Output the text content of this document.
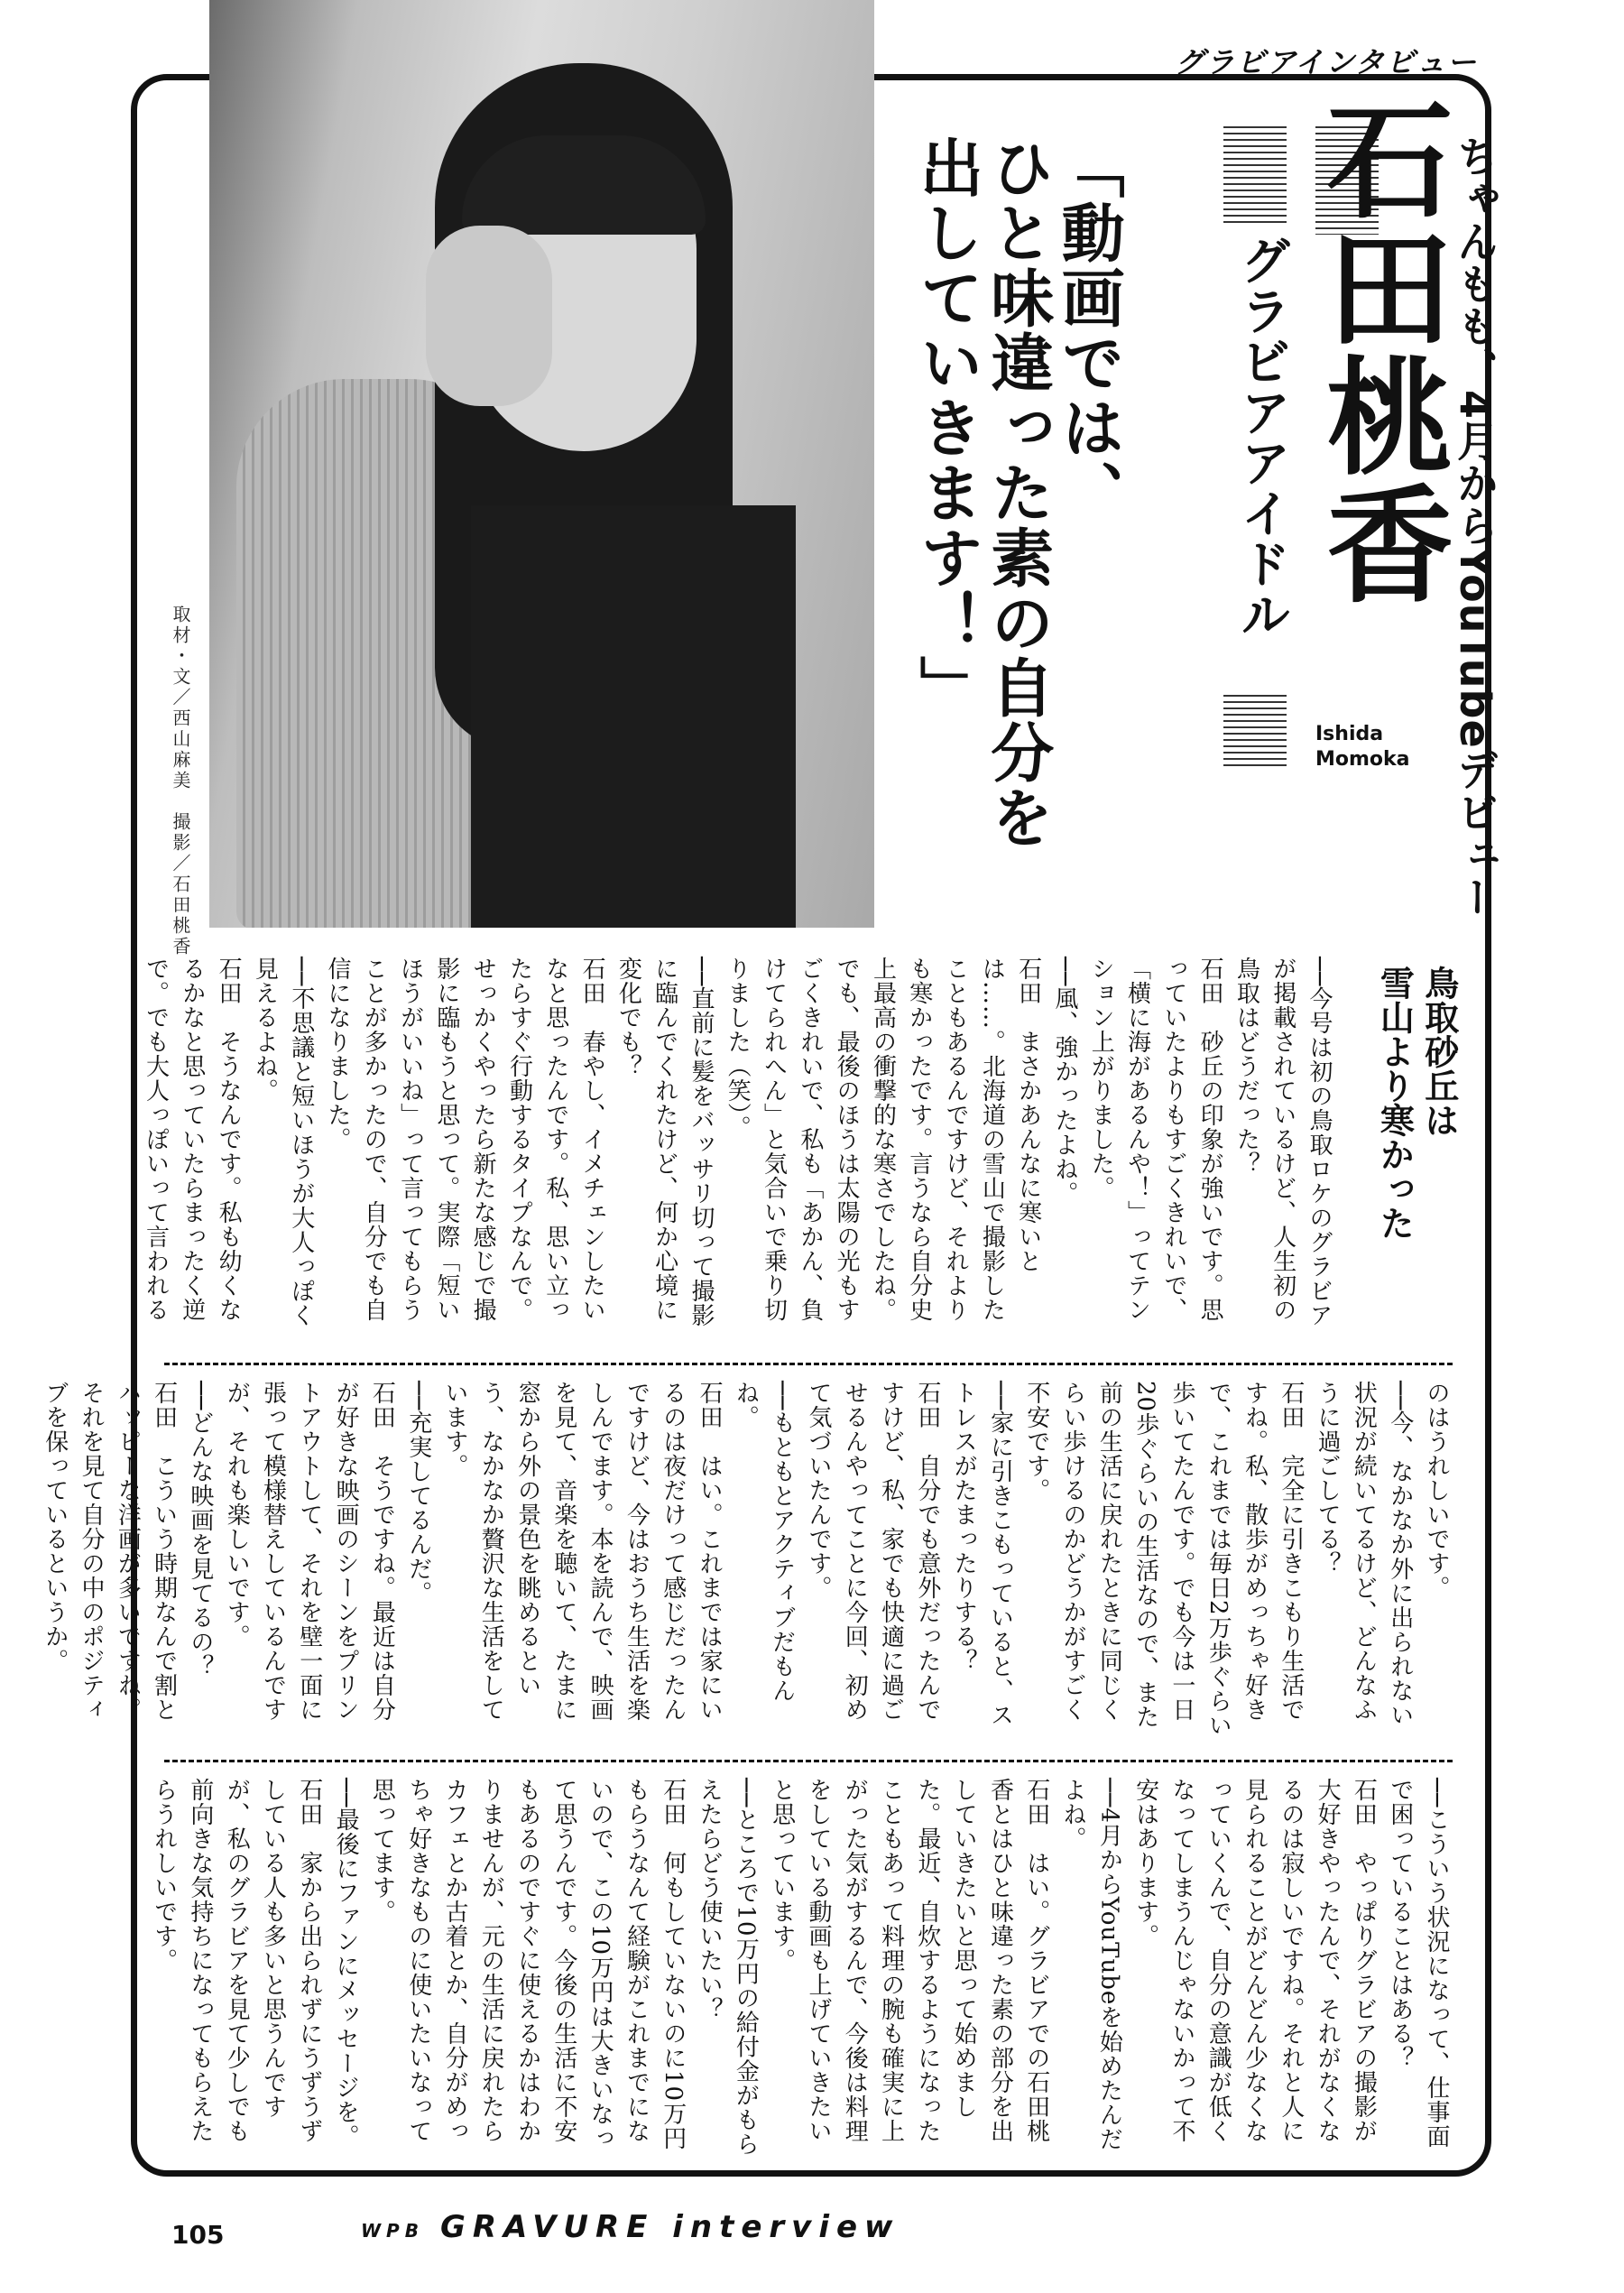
グラビアインタビュー
取材・文／西山麻美　撮影／石田桃香	ちゃんもも、4月からYouTubeデビュー
石田桃香
Ishida
Momoka
グラビアアイドル
「動画では、
ひと味違った素の自分を
出していきます！」
鳥取砂丘は
雪山より寒かった
──今号は初の鳥取ロケのグラビアが掲載されているけど、人生初の鳥取はどうだった？
石田　砂丘の印象が強いです。思っていたよりもすごくきれいで、「横に海があるんや！」ってテンション上がりました。
──風、強かったよね。
石田　まさかあんなに寒いとは……。北海道の雪山で撮影したこともあるんですけど、それよりも寒かったです。言うなら自分史上最高の衝撃的な寒さでしたね。でも、最後のほうは太陽の光もすごくきれいで、私も「あかん、負けてられへん」と気合いで乗り切りました（笑）。
──直前に髪をバッサリ切って撮影に臨んでくれたけど、何か心境に変化でも？
石田　春やし、イメチェンしたいなと思ったんです。私、思い立ったらすぐ行動するタイプなんで。せっかくやったら新たな感じで撮影に臨もうと思って。実際「短いほうがいいね」って言ってもらうことが多かったので、自分でも自信になりました。
──不思議と短いほうが大人っぽく見えるよね。
石田　そうなんです。私も幼くなるかなと思っていたらまったく逆で。でも大人っぽいって言われる
のはうれしいです。
──今、なかなか外に出られない状況が続いてるけど、どんなふうに過ごしてる？
石田　完全に引きこもり生活ですね。私、散歩がめっちゃ好きで、これまでは毎日2万歩ぐらい歩いてたんです。でも今は一日20歩ぐらいの生活なので、また前の生活に戻れたときに同じくらい歩けるのかどうかがすごく不安です。
──家に引きこもっていると、ストレスがたまったりする？
石田　自分でも意外だったんですけど、私、家でも快適に過ごせるんやってことに今回、初めて気づいたんです。
──もともとアクティブだもんね。
石田　はい。これまでは家にいるのは夜だけって感じだったんですけど、今はおうち生活を楽しんでます。本を読んで、映画を見て、音楽を聴いて、たまに窓から外の景色を眺めるという、なかなか贅沢な生活をしています。
──充実してるんだ。
石田　そうですね。最近は自分が好きな映画のシーンをプリントアウトして、それを壁一面に張って模様替えしているんですが、それも楽しいです。
──どんな映画を見てるの？
石田　こういう時期なんで割とハッピーな洋画が多いですね。それを見て自分の中のポジティブを保っているというか。
──こういう状況になって、仕事面で困っていることはある？
石田　やっぱりグラビアの撮影が大好きやったんで、それがなくなるのは寂しいですね。それと人に見られることがどんどん少なくなっていくんで、自分の意識が低くなってしまうんじゃないかって不安はあります。
──4月からYouTubeを始めたんだよね。
石田　はい。グラビアでの石田桃香とはひと味違った素の部分を出していきたいと思って始めました。最近、自炊するようになったこともあって料理の腕も確実に上がった気がするんで、今後は料理をしている動画も上げていきたいと思っています。
──ところで10万円の給付金がもらえたらどう使いたい？
石田　何もしていないのに10万円もらうなんて経験がこれまでにないので、この10万円は大きいなって思うんです。今後の生活に不安もあるのですぐに使えるかはわかりませんが、元の生活に戻れたらカフェとか古着とか、自分がめっちゃ好きなものに使いたいなって思ってます。
──最後にファンにメッセージを。
石田　家から出られずにうずうずしている人も多いと思うんですが、私のグラビアを見て少しでも前向きな気持ちになってもらえたらうれしいです。
105	WPB GRAVURE interview
